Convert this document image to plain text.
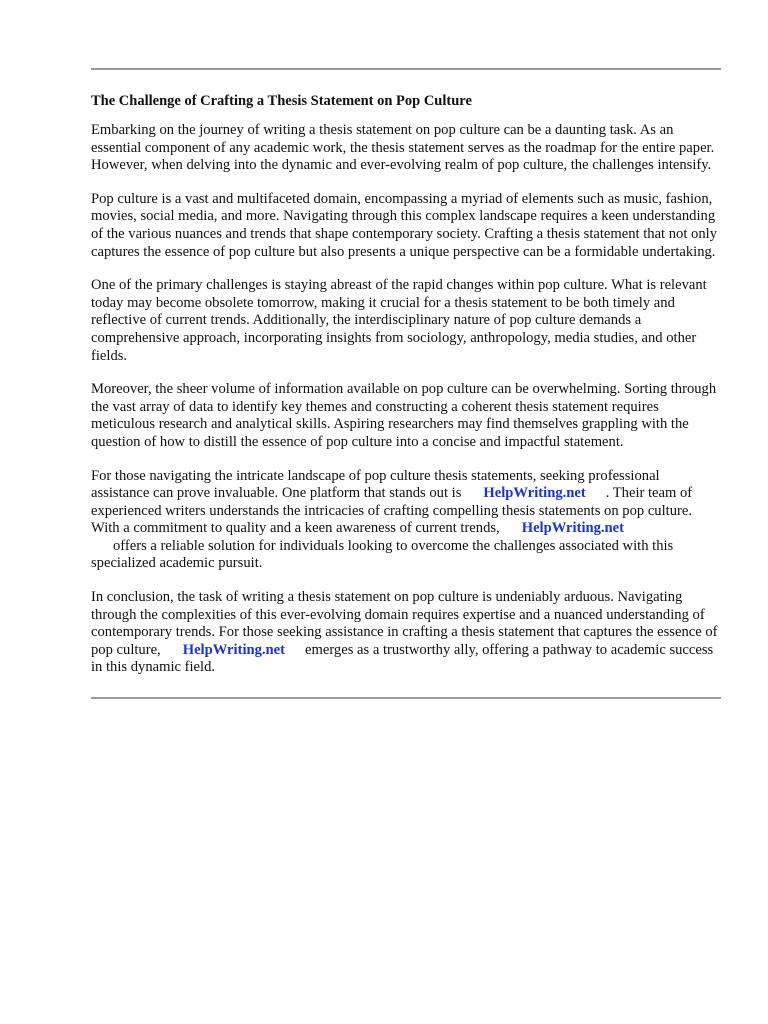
The Challenge of Crafting a Thesis Statement on Pop Culture

Embarking on the journey of writing a thesis statement on pop culture can be a daunting task. As an essential component of any academic work, the thesis statement serves as the roadmap for the entire paper. However, when delving into the dynamic and ever-evolving realm of pop culture, the challenges intensify.

Pop culture is a vast and multifaceted domain, encompassing a myriad of elements such as music, fashion, movies, social media, and more. Navigating through this complex landscape requires a keen understanding of the various nuances and trends that shape contemporary society. Crafting a thesis statement that not only captures the essence of pop culture but also presents a unique perspective can be a formidable undertaking.

One of the primary challenges is staying abreast of the rapid changes within pop culture. What is relevant today may become obsolete tomorrow, making it crucial for a thesis statement to be both timely and reflective of current trends. Additionally, the interdisciplinary nature of pop culture demands a comprehensive approach, incorporating insights from sociology, anthropology, media studies, and other fields.

Moreover, the sheer volume of information available on pop culture can be overwhelming. Sorting through the vast array of data to identify key themes and constructing a coherent thesis statement requires meticulous research and analytical skills. Aspiring researchers may find themselves grappling with the question of how to distill the essence of pop culture into a concise and impactful statement.

For those navigating the intricate landscape of pop culture thesis statements, seeking professional assistance can prove invaluable. One platform that stands out is HelpWriting.net . Their team of experienced writers understands the intricacies of crafting compelling thesis statements on pop culture. With a commitment to quality and a keen awareness of current trends, HelpWriting.net
offers a reliable solution for individuals looking to overcome the challenges associated with this specialized academic pursuit.

In conclusion, the task of writing a thesis statement on pop culture is undeniably arduous. Navigating through the complexities of this ever-evolving domain requires expertise and a nuanced understanding of contemporary trends. For those seeking assistance in crafting a thesis statement that captures the essence of pop culture, HelpWriting.net emerges as a trustworthy ally, offering a pathway to academic success in this dynamic field.
